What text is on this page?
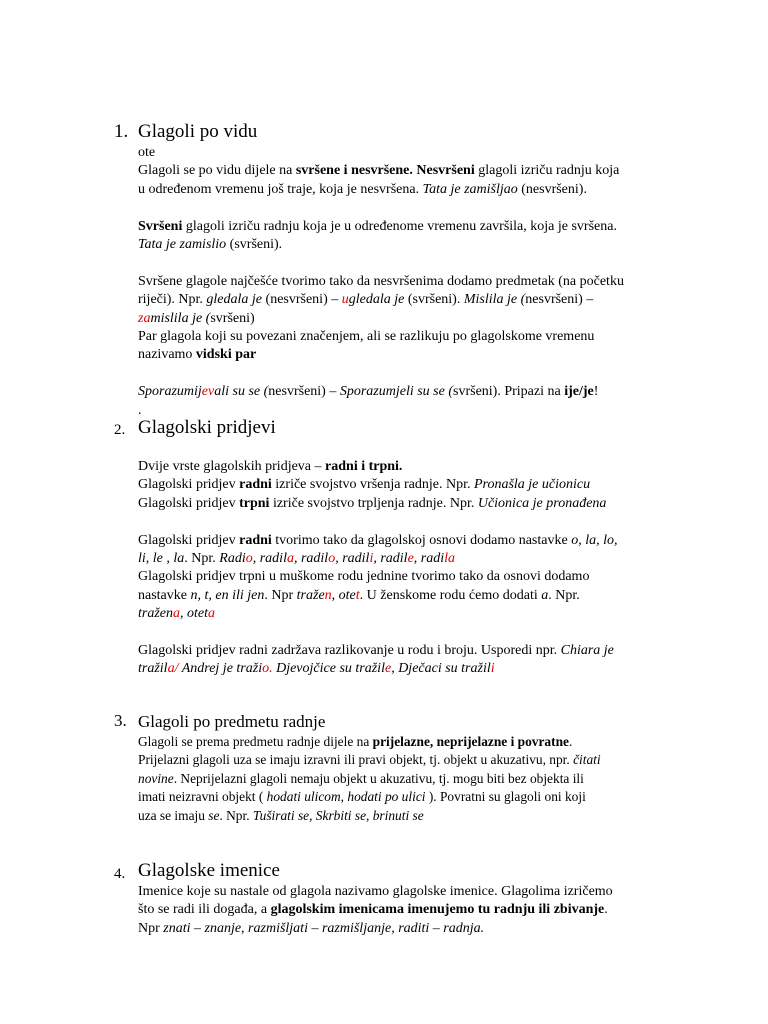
1. Glagoli po vidu
2. Glagolski pridjevi
3. Glagoli po predmetu radnje
4. Glagolske imenice
ote
Glagoli se po vidu dijele na svršene i nesvršene. Nesvršeni glagoli izriču radnju koja
u određenom vremenu još traje, koja je nesvršena. Tata je zamišljao (nesvršeni).
Svršeni glagoli izriču radnju koja je u određenome vremenu završila, koja je svršena.
Tata je zamislio (svršeni).
Svršene glagole najčešće tvorimo tako da nesvršenima dodamo predmetak (na početku
riječi). Npr. gledala je (nesvršeni) – ugledala je (svršeni). Mislila je (nesvršeni) –
zamislila je (svršeni)
Par glagola koji su povezani značenjem, ali se razlikuju po glagolskome vremenu
nazivamo vidski par
Sporazumijevali su se (nesvršeni) – Sporazumjeli su se (svršeni). Pripazi na ije/je!
.
Dvije vrste glagolskih pridjeva – radni i trpni.
Glagolski pridjev radni izriče svojstvo vršenja radnje. Npr. Pronašla je učionicu
Glagolski pridjev trpni izriče svojstvo trpljenja radnje. Npr. Učionica je pronađena
Glagolski pridjev radni tvorimo tako da glagolskoj osnovi dodamo nastavke o, la, lo,
li, le , la. Npr. Radio, radila, radilo, radili, radile, radila
Glagolski pridjev trpni u muškome rodu jednine tvorimo tako da osnovi dodamo
nastavke n, t, en ili jen. Npr tražen, otet. U ženskome rodu ćemo dodati a. Npr.
tražena, oteta
Glagolski pridjev radni zadržava razlikovanje u rodu i broju. Usporedi npr. Chiara je
tražila/ Andrej je tražio. Djevojčice su tražile, Dječaci su tražili
Glagoli se prema predmetu radnje dijele na prijelazne, neprijelazne i povratne.
Prijelazni glagoli uza se imaju izravni ili pravi objekt, tj. objekt u akuzativu, npr. čitati
novine. Neprijelazni glagoli nemaju objekt u akuzativu, tj. mogu biti bez objekta ili
imati neizravni objekt ( hodati ulicom, hodati po ulici ). Povratni su glagoli oni koji
uza se imaju se. Npr. Tuširati se, Skrbiti se, brinuti se
Imenice koje su nastale od glagola nazivamo glagolske imenice. Glagolima izričemo
što se radi ili događa, a glagolskim imenicama imenujemo tu radnju ili zbivanje.
Npr znati – znanje, razmišljati – razmišljanje, raditi – radnja.
